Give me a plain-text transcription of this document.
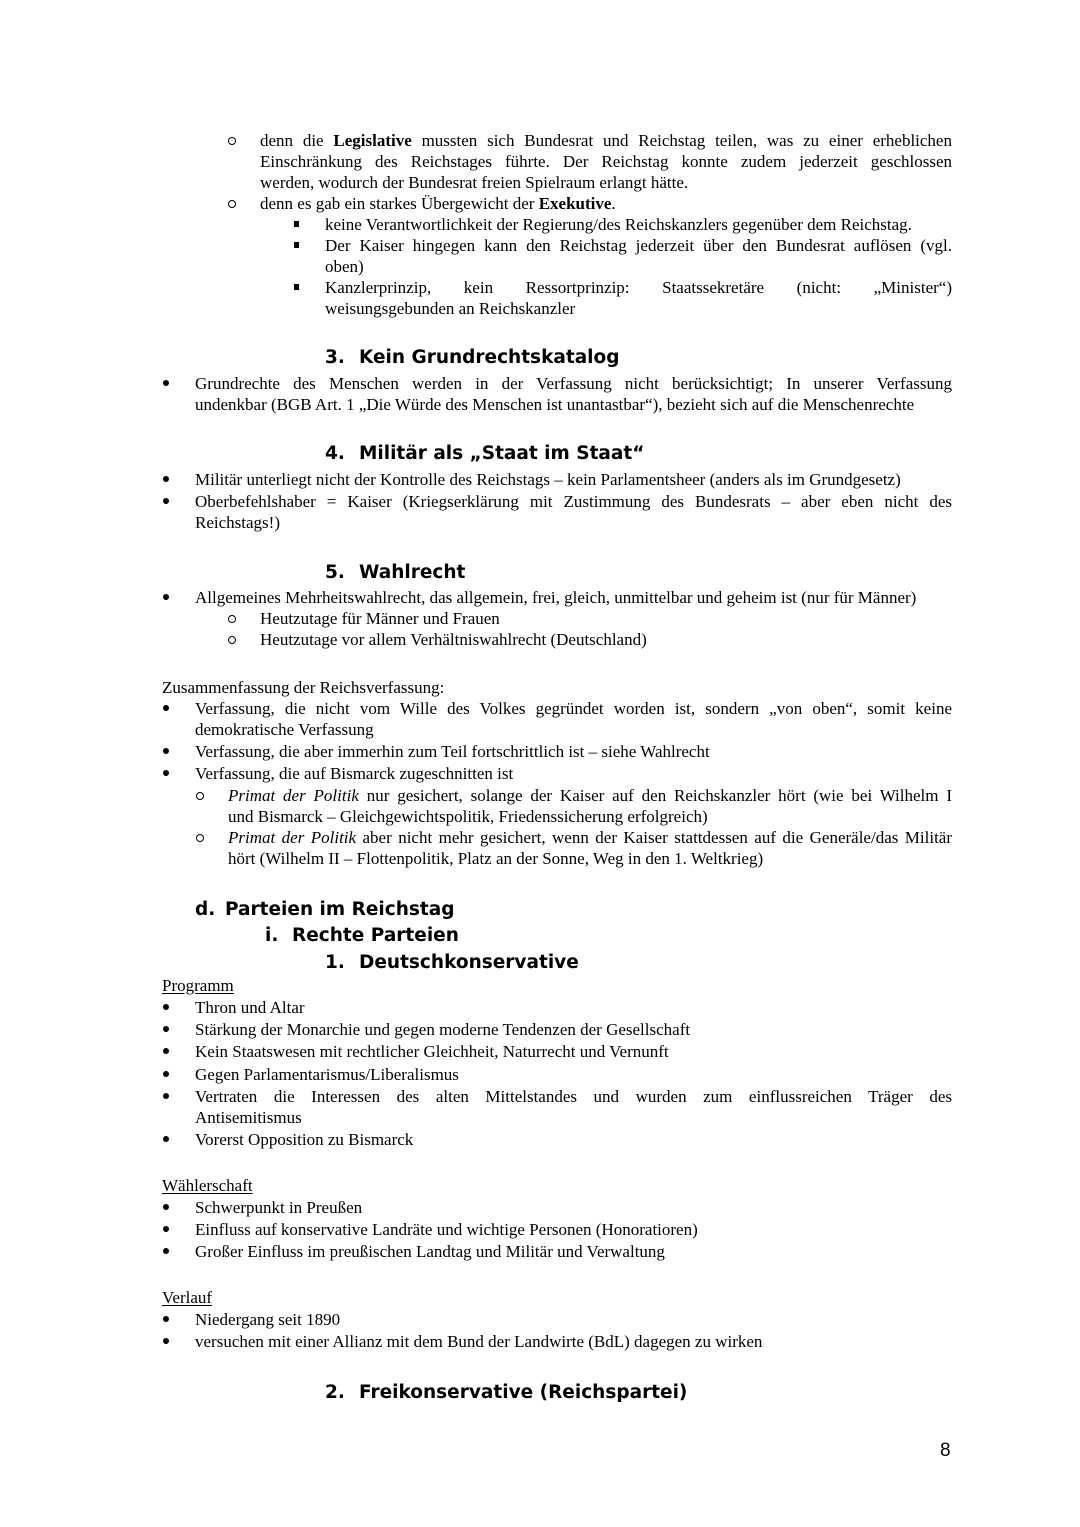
denn die Legislative mussten sich Bundesrat und Reichstag teilen, was zu einer erheblichen
Einschränkung des Reichstages führte. Der Reichstag konnte zudem jederzeit geschlossen
werden, wodurch der Bundesrat freien Spielraum erlangt hätte.
denn es gab ein starkes Übergewicht der Exekutive.
keine Verantwortlichkeit der Regierung/des Reichskanzlers gegenüber dem Reichstag.
Der Kaiser hingegen kann den Reichstag jederzeit über den Bundesrat auflösen (vgl.
oben)
Kanzlerprinzip, kein Ressortprinzip: Staatssekretäre (nicht: „Minister“)
weisungsgebunden an Reichskanzler
3. Kein Grundrechtskatalog
Grundrechte des Menschen werden in der Verfassung nicht berücksichtigt; In unserer Verfassung
undenkbar (BGB Art. 1 „Die Würde des Menschen ist unantastbar“), bezieht sich auf die Menschenrechte
4. Militär als „Staat im Staat“
Militär unterliegt nicht der Kontrolle des Reichstags – kein Parlamentsheer (anders als im Grundgesetz)
Oberbefehlshaber = Kaiser (Kriegserklärung mit Zustimmung des Bundesrats – aber eben nicht des
Reichstags!)
5. Wahlrecht
Allgemeines Mehrheitswahlrecht, das allgemein, frei, gleich, unmittelbar und geheim ist (nur für Männer)
Heutzutage für Männer und Frauen
Heutzutage vor allem Verhältniswahlrecht (Deutschland)
Zusammenfassung der Reichsverfassung:
Verfassung, die nicht vom Wille des Volkes gegründet worden ist, sondern „von oben“, somit keine
demokratische Verfassung
Verfassung, die aber immerhin zum Teil fortschrittlich ist – siehe Wahlrecht
Verfassung, die auf Bismarck zugeschnitten ist
Primat der Politik nur gesichert, solange der Kaiser auf den Reichskanzler hört (wie bei Wilhelm I
und Bismarck – Gleichgewichtspolitik, Friedenssicherung erfolgreich)
Primat der Politik aber nicht mehr gesichert, wenn der Kaiser stattdessen auf die Generäle/das Militär
hört (Wilhelm II – Flottenpolitik, Platz an der Sonne, Weg in den 1. Weltkrieg)
d. Parteien im Reichstag
i. Rechte Parteien
1. Deutschkonservative
Programm
Thron und Altar
Stärkung der Monarchie und gegen moderne Tendenzen der Gesellschaft
Kein Staatswesen mit rechtlicher Gleichheit, Naturrecht und Vernunft
Gegen Parlamentarismus/Liberalismus
Vertraten die Interessen des alten Mittelstandes und wurden zum einflussreichen Träger des
Antisemitismus
Vorerst Opposition zu Bismarck
Wählerschaft
Schwerpunkt in Preußen
Einfluss auf konservative Landräte und wichtige Personen (Honoratioren)
Großer Einfluss im preußischen Landtag und Militär und Verwaltung
Verlauf
Niedergang seit 1890
versuchen mit einer Allianz mit dem Bund der Landwirte (BdL) dagegen zu wirken
2. Freikonservative (Reichspartei)
8
